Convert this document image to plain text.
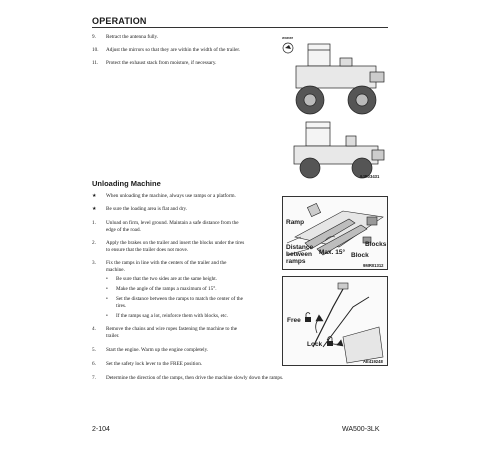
OPERATION
9. Retract the antenna fully.
10. Adjust the mirrors so that they are within the width of the trailer.
11. Protect the exhaust stack from moisture, if necessary.
W03687
9JR03431
Unloading Machine
★ When unloading the machine, always use ramps or a platform.
★ Be sure the loading area is flat and dry.
1. Unload on firm, level ground. Maintain a safe distance from the
edge of the road.
2. Apply the brakes on the trailer and insert the blocks under the tires
to ensure that the trailer does not move.
3. Fix the ramps in line with the centers of the trailer and the
machine.
• Be sure that the two sides are at the same height.
• Make the angle of the ramps a maximum of 15°.
• Set the distance between the ramps to match the center of the
tires.
• If the ramps sag a lot, reinforce them with blocks, etc.
4. Remove the chains and wire ropes fastening the machine to the
trailer.
5. Start the engine. Warm up the engine completely.
6. Set the safety lock lever to the FREE position.
7. Determine the direction of the ramps, then drive the machine slowly down the ramps.
Ramp
Distance
between
ramps
Max. 15°
Blocks
Block
9MR01312
Free
Lock
AE419248
2-104	WA500-3LK
